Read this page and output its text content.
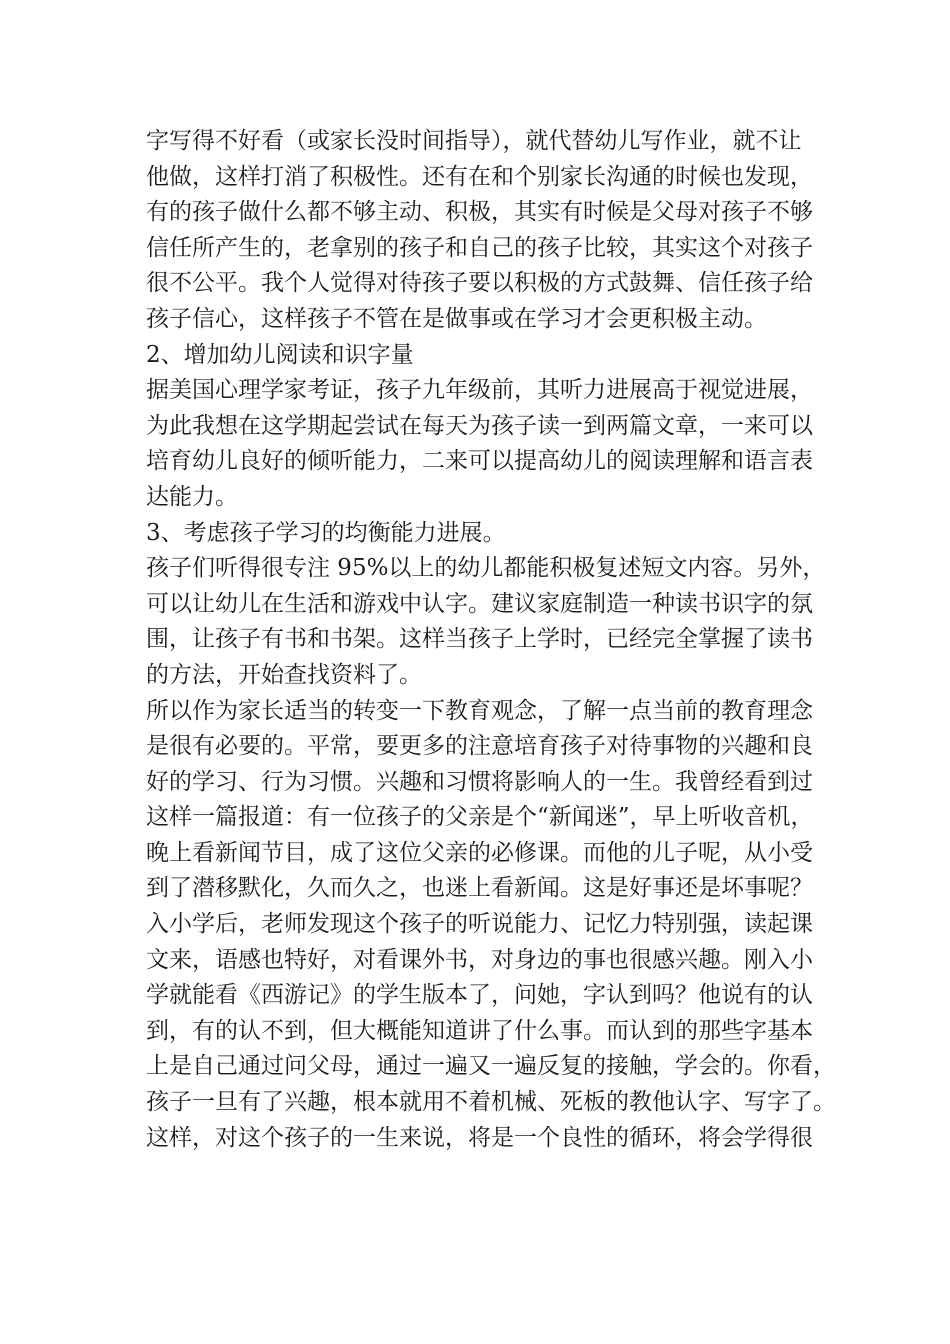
字写得不好看（或家长没时间指导），就代替幼儿写作业，就不让
他做，这样打消了积极性。还有在和个别家长沟通的时候也发现，
有的孩子做什么都不够主动、积极，其实有时候是父母对孩子不够
信任所产生的，老拿别的孩子和自己的孩子比较，其实这个对孩子
很不公平。我个人觉得对待孩子要以积极的方式鼓舞、信任孩子给
孩子信心，这样孩子不管在是做事或在学习才会更积极主动。
2、增加幼儿阅读和识字量
据美国心理学家考证，孩子九年级前，其听力进展高于视觉进展，
为此我想在这学期起尝试在每天为孩子读一到两篇文章，一来可以
培育幼儿良好的倾听能力，二来可以提高幼儿的阅读理解和语言表
达能力。
3、考虑孩子学习的均衡能力进展。
孩子们听得很专注 95%以上的幼儿都能积极复述短文内容。另外，
可以让幼儿在生活和游戏中认字。建议家庭制造一种读书识字的氛
围，让孩子有书和书架。这样当孩子上学时，已经完全掌握了读书
的方法，开始查找资料了。
所以作为家长适当的转变一下教育观念，了解一点当前的教育理念
是很有必要的。平常，要更多的注意培育孩子对待事物的兴趣和良
好的学习、行为习惯。兴趣和习惯将影响人的一生。我曾经看到过
这样一篇报道：有一位孩子的父亲是个“新闻迷”，早上听收音机，
晚上看新闻节目，成了这位父亲的必修课。而他的儿子呢，从小受
到了潜移默化，久而久之，也迷上看新闻。这是好事还是坏事呢？
入小学后，老师发现这个孩子的听说能力、记忆力特别强，读起课
文来，语感也特好，对看课外书，对身边的事也很感兴趣。刚入小
学就能看《西游记》的学生版本了，问她，字认到吗？他说有的认
到，有的认不到，但大概能知道讲了什么事。而认到的那些字基本
上是自己通过问父母，通过一遍又一遍反复的接触，学会的。你看，
孩子一旦有了兴趣，根本就用不着机械、死板的教他认字、写字了。
这样，对这个孩子的一生来说，将是一个良性的循环，将会学得很
